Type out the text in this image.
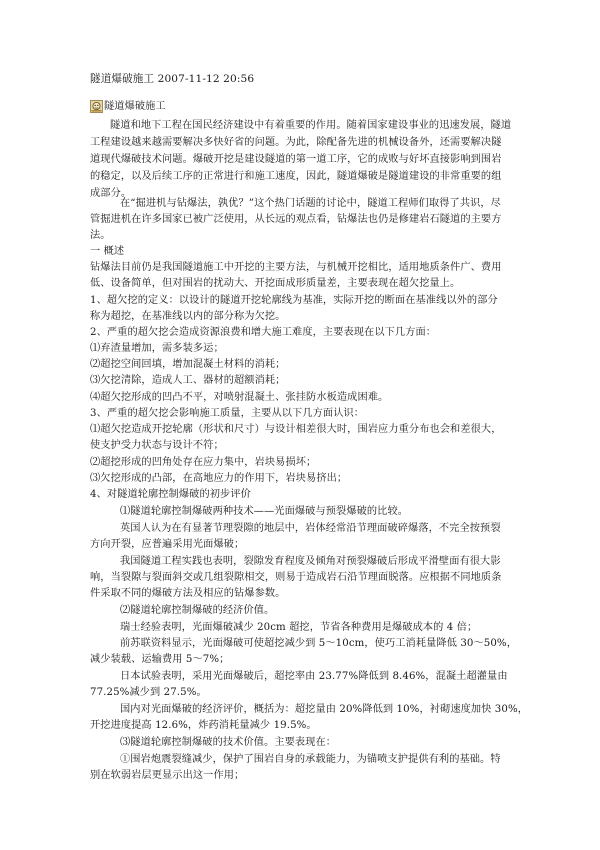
隧道爆破施工 2007-11-12 20:56
隧道爆破施工
隧道和地下工程在国民经济建设中有着重要的作用。随着国家建设事业的迅速发展，隧道
工程建设越来越需要解决多快好省的问题。为此，除配备先进的机械设备外，还需要解决隧
道现代爆破技术问题。爆破开挖是建设隧道的第一道工序，它的成败与好坏直接影响到围岩
的稳定，以及后续工序的正常进行和施工速度，因此，隧道爆破是隧道建设的非常重要的组
成部分。
在“掘进机与钻爆法，孰优？”这个热门话题的讨论中，隧道工程师们取得了共识，尽
管掘进机在许多国家已被广泛使用，从长远的观点看，钻爆法也仍是修建岩石隧道的主要方
法。
一 概述
钻爆法目前仍是我国隧道施工中开挖的主要方法，与机械开挖相比，适用地质条件广、费用
低、设备简单，但对围岩的扰动大、开挖面成形质量差，主要表现在超欠挖量上。
1、超欠挖的定义：以设计的隧道开挖轮廓线为基准，实际开挖的断面在基准线以外的部分
称为超挖，在基准线以内的部分称为欠挖。
2、严重的超欠挖会造成资源浪费和增大施工难度，主要表现在以下几方面：
⑴弃渣量增加，需多装多运；
⑵超挖空间回填，增加混凝土材料的消耗；
⑶欠挖清除，造成人工、器材的超额消耗；
⑷超欠挖形成的凹凸不平，对喷射混凝土、张挂防水板造成困难。
3、严重的超欠挖会影响施工质量，主要从以下几方面认识：
⑴超欠挖造成开挖轮廓（形状和尺寸）与设计相差很大时，围岩应力重分布也会和差很大，
使支护受力状态与设计不符；
⑵超挖形成的凹角处存在应力集中，岩块易损坏；
⑶欠挖形成的凸部，在高地应力的作用下，岩块易挤出；
4、对隧道轮廓控制爆破的初步评价
⑴隧道轮廓控制爆破两种技术——光面爆破与预裂爆破的比较。
英国人认为在有显著节理裂隙的地层中，岩体经常沿节理面破碎爆落，不完全按预裂
方向开裂，应普遍采用光面爆破；
我国隧道工程实践也表明，裂隙发育程度及倾角对预裂爆破后形成平滑壁面有很大影
响，当裂隙与裂面斜交或几组裂隙相交，则易于造成岩石沿节理面脱落。应根据不同地质条
件采取不同的爆破方法及相应的钻爆参数。
⑵隧道轮廓控制爆破的经济价值。
瑞士经验表明，光面爆破减少 20cm 超挖，节省各种费用是爆破成本的 4 倍；
前苏联资料显示，光面爆破可使超挖减少到 5～10cm，使巧工消耗量降低 30～50%，
减少装载、运输费用 5～7%；
日本试验表明，采用光面爆破后，超挖率由 23.77%降低到 8.46%，混凝土超灌量由
77.25%减少到 27.5%。
国内对光面爆破的经济评价，概括为：超挖量由 20%降低到 10%，衬砌速度加快 30%，
开挖进度提高 12.6%，炸药消耗量减少 19.5%。
⑶隧道轮廓控制爆破的技术价值。主要表现在：
①围岩炮震裂缝减少，保护了围岩自身的承载能力，为锚喷支护提供有利的基础。特
别在软弱岩层更显示出这一作用；
